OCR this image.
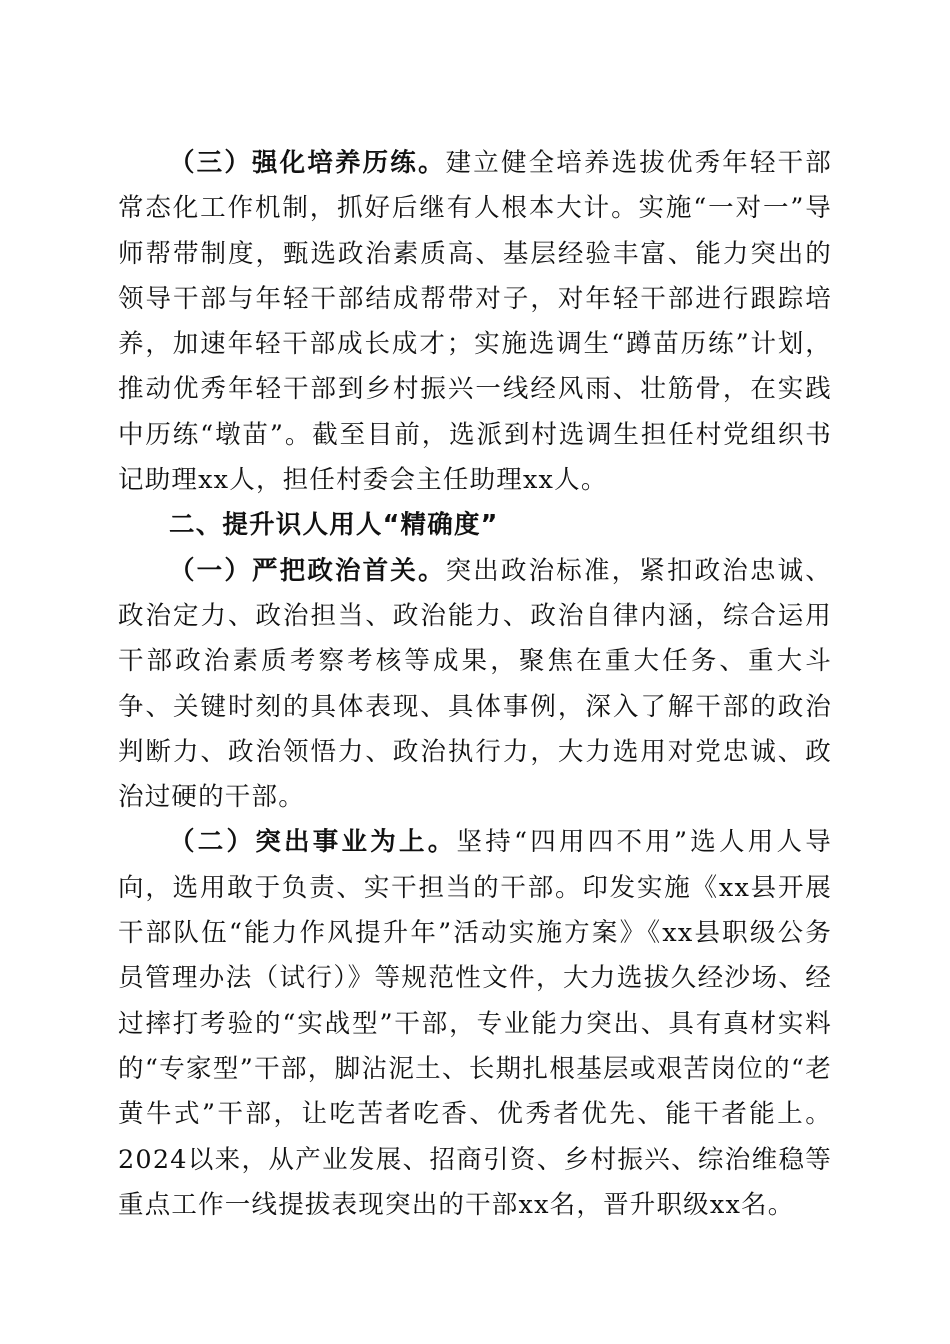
（三）强化培养历练。建立健全培养选拔优秀年轻干部常态化工作机制，抓好后继有人根本大计。实施“一对一”导师帮带制度，甄选政治素质高、基层经验丰富、能力突出的领导干部与年轻干部结成帮带对子，对年轻干部进行跟踪培养，加速年轻干部成长成才；实施选调生“蹲苗历练”计划，推动优秀年轻干部到乡村振兴一线经风雨、壮筋骨，在实践中历练“墩苗”。截至目前，选派到村选调生担任村党组织书记助理xx人，担任村委会主任助理xx人。

二、提升识人用人“精确度”

（一）严把政治首关。突出政治标准，紧扣政治忠诚、政治定力、政治担当、政治能力、政治自律内涵，综合运用干部政治素质考察考核等成果，聚焦在重大任务、重大斗争、关键时刻的具体表现、具体事例，深入了解干部的政治判断力、政治领悟力、政治执行力，大力选用对党忠诚、政治过硬的干部。

（二）突出事业为上。坚持“四用四不用”选人用人导向，选用敢于负责、实干担当的干部。印发实施《xx县开展干部队伍“能力作风提升年”活动实施方案》《xx县职级公务员管理办法（试行）》等规范性文件，大力选拔久经沙场、经过摔打考验的“实战型”干部，专业能力突出、具有真材实料的“专家型”干部，脚沾泥土、长期扎根基层或艰苦岗位的“老黄牛式”干部，让吃苦者吃香、优秀者优先、能干者能上。2024以来，从产业发展、招商引资、乡村振兴、综治维稳等重点工作一线提拔表现突出的干部xx名，晋升职级xx名。
